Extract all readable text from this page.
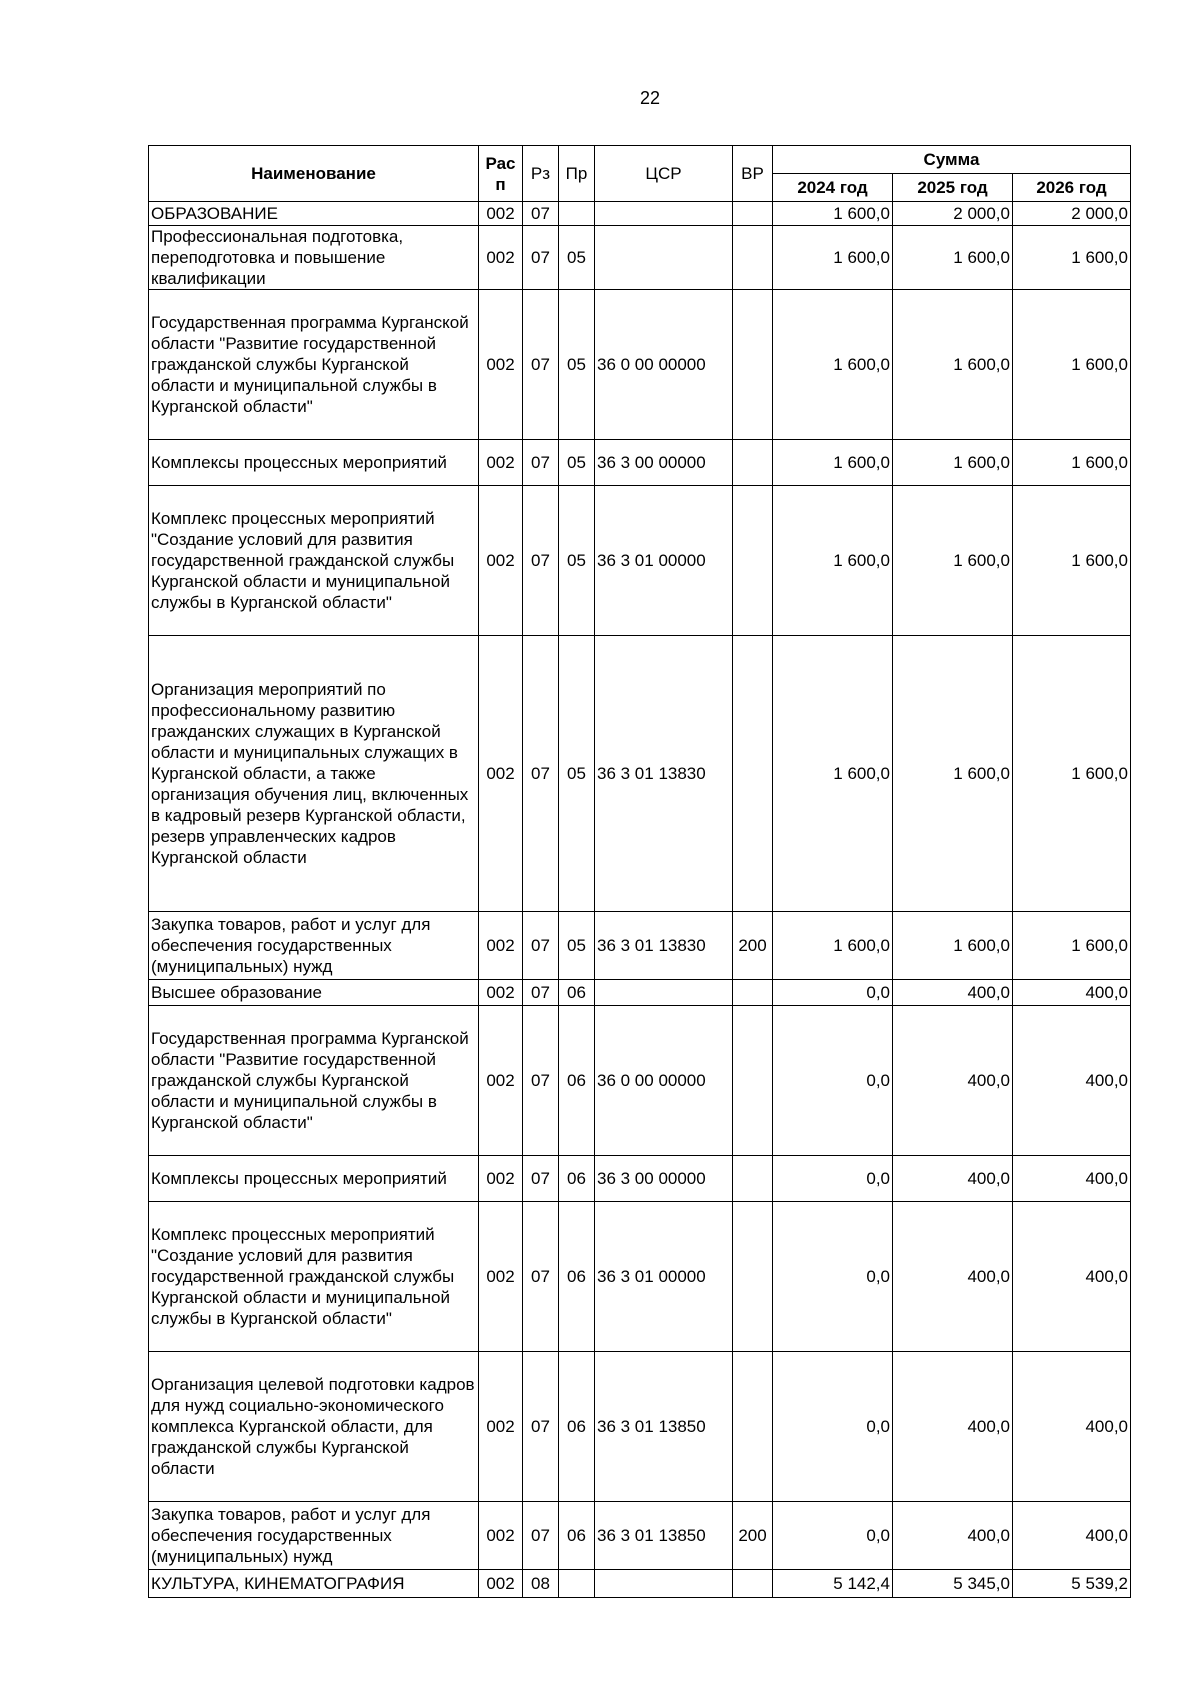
22
Наименование	Рас п	Рз	Пр	ЦСР	ВР	Сумма		
						2024 год	2025 год	2026 год
ОБРАЗОВАНИЕ	002	07				1 600,0	2 000,0	2 000,0
Профессиональная подготовка, переподготовка и повышение квалификации	002	07	05			1 600,0	1 600,0	1 600,0
Государственная программа Курганской области "Развитие государственной гражданской службы Курганской области и муниципальной службы в Курганской области"	002	07	05	36 0 00 00000		1 600,0	1 600,0	1 600,0
Комплексы процессных мероприятий	002	07	05	36 3 00 00000		1 600,0	1 600,0	1 600,0
Комплекс процессных мероприятий "Создание условий для развития государственной гражданской службы Курганской области и муниципальной службы в Курганской области"	002	07	05	36 3 01 00000		1 600,0	1 600,0	1 600,0
Организация мероприятий по профессиональному развитию гражданских служащих в Курганской области и муниципальных служащих в Курганской области, а также организация обучения лиц, включенных в кадровый резерв Курганской области, резерв управленческих кадров Курганской области	002	07	05	36 3 01 13830		1 600,0	1 600,0	1 600,0
Закупка товаров, работ и услуг для обеспечения государственных (муниципальных) нужд	002	07	05	36 3 01 13830	200	1 600,0	1 600,0	1 600,0
Высшее образование	002	07	06			0,0	400,0	400,0
Государственная программа Курганской области "Развитие государственной гражданской службы Курганской области и муниципальной службы в Курганской области"	002	07	06	36 0 00 00000		0,0	400,0	400,0
Комплексы процессных мероприятий	002	07	06	36 3 00 00000		0,0	400,0	400,0
Комплекс процессных мероприятий "Создание условий для развития государственной гражданской службы Курганской области и муниципальной службы в Курганской области"	002	07	06	36 3 01 00000		0,0	400,0	400,0
Организация целевой подготовки кадров для нужд социально-экономического комплекса Курганской области, для гражданской службы Курганской области	002	07	06	36 3 01 13850		0,0	400,0	400,0
Закупка товаров, работ и услуг для обеспечения государственных (муниципальных) нужд	002	07	06	36 3 01 13850	200	0,0	400,0	400,0
КУЛЬТУРА, КИНЕМАТОГРАФИЯ	002	08				5 142,4	5 345,0	5 539,2
